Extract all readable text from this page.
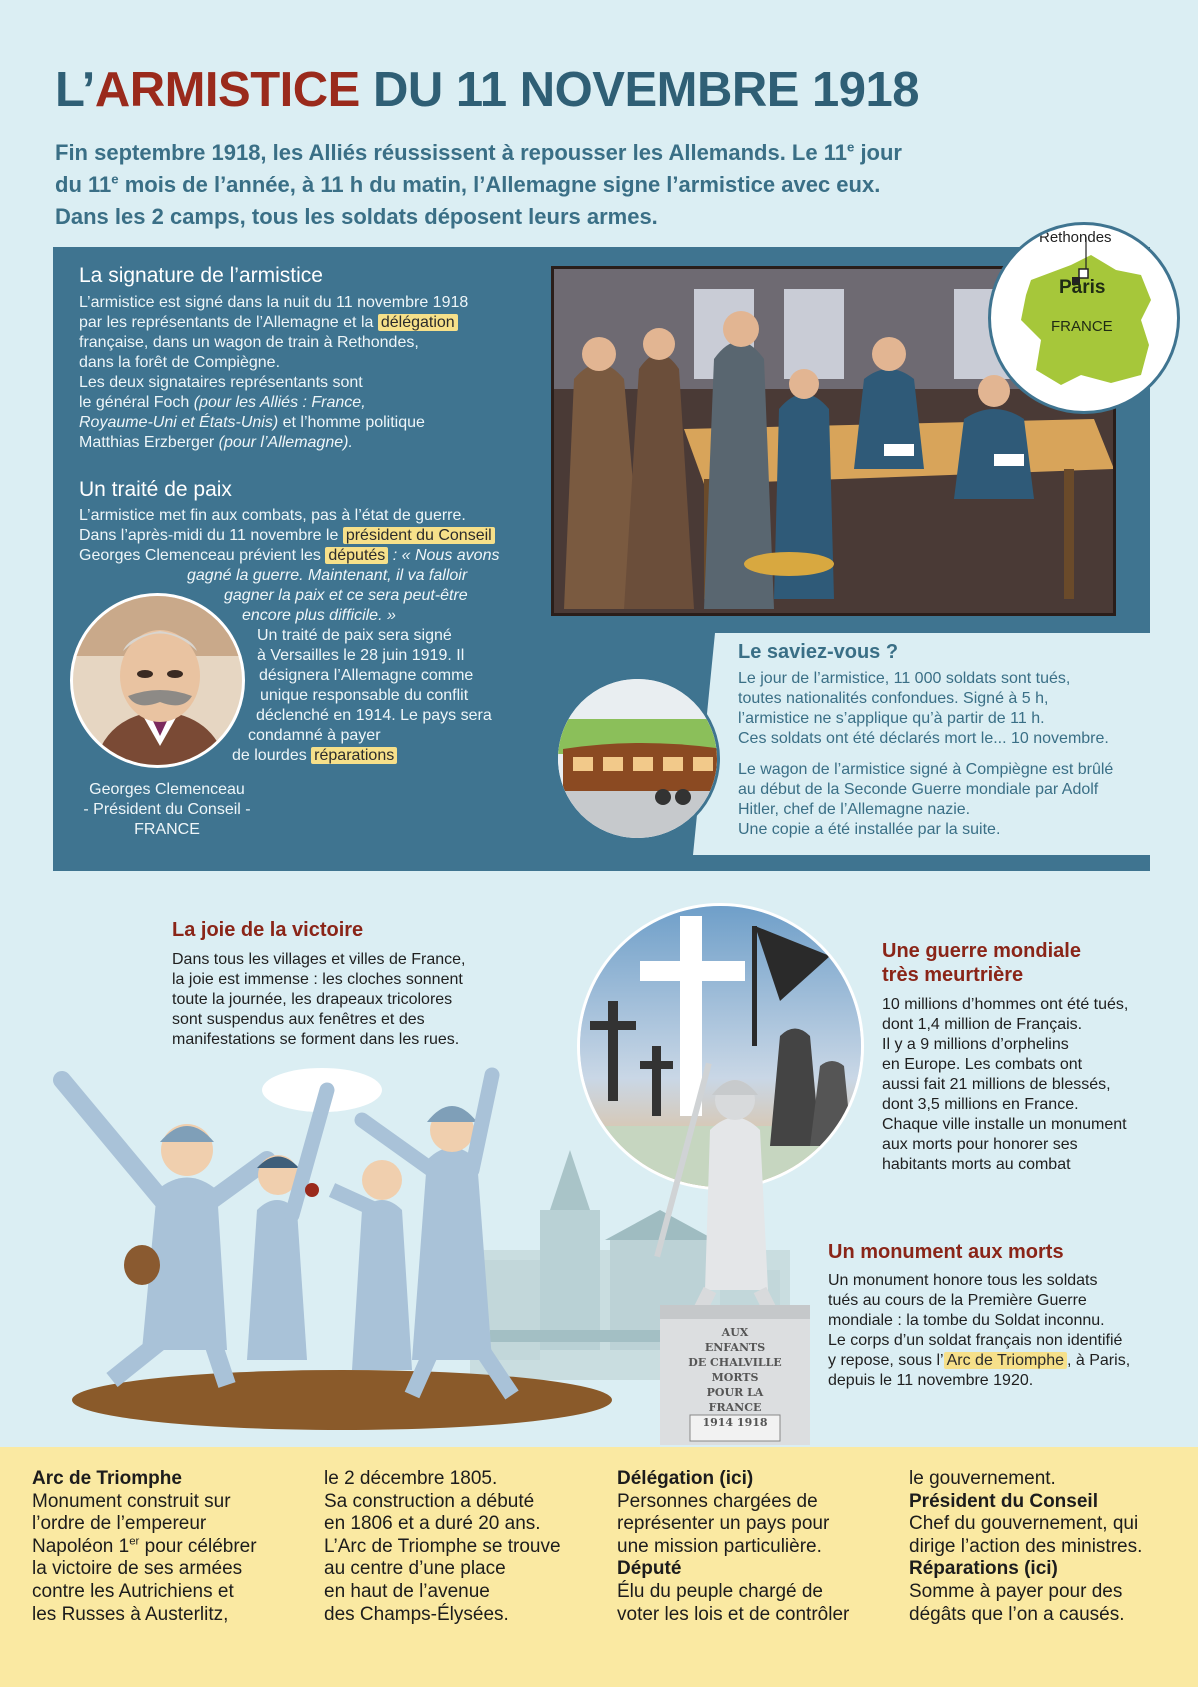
L’ARMISTICE DU 11 NOVEMBRE 1918
Fin septembre 1918, les Alliés réussissent à repousser les Allemands. Le 11e jour
du 11e mois de l’année, à 11 h du matin, l’Allemagne signe l’armistice avec eux.
Dans les 2 camps, tous les soldats déposent leurs armes.
La signature de l’armistice
L’armistice est signé dans la nuit du 11 novembre 1918
par les représentants de l’Allemagne et la délégation
française, dans un wagon de train à Rethondes,
dans la forêt de Compiègne.
Les deux signataires représentants sont
le général Foch (pour les Alliés : France,
Royaume-Uni et États-Unis) et l’homme politique
Matthias Erzberger (pour l’Allemagne).
Un traité de paix
L’armistice met fin aux combats, pas à l’état de guerre.
Dans l’après-midi du 11 novembre le président du Conseil
Georges Clemenceau prévient les députés : « Nous avons
gagné la guerre. Maintenant, il va falloir
gagner la paix et ce sera peut-être
encore plus difficile. »
Un traité de paix sera signé
à Versailles le 28 juin 1919. Il
désignera l’Allemagne comme
unique responsable du conflit
déclenché en 1914. Le pays sera
condamné à payer
de lourdes réparations
Georges Clemenceau
- Président du Conseil -
FRANCE
Rethondes
Paris
FRANCE
Le saviez-vous ?
Le jour de l’armistice, 11 000 soldats sont tués,
toutes nationalités confondues. Signé à 5 h,
l’armistice ne s’applique qu’à partir de 11 h.
Ces soldats ont été déclarés mort le... 10 novembre.
Le wagon de l’armistice signé à Compiègne est brûlé
au début de la Seconde Guerre mondiale par Adolf
Hitler, chef de l’Allemagne nazie.
Une copie a été installée par la suite.
AUX
ENFANTS
DE CHALVILLE
MORTS
POUR LA
FRANCE
1914 1918
La joie de la victoire
Dans tous les villages et villes de France,
la joie est immense : les cloches sonnent
toute la journée, les drapeaux tricolores
sont suspendus aux fenêtres et des
manifestations se forment dans les rues.
Une guerre mondiale
très meurtrière
10 millions d’hommes ont été tués,
dont 1,4 million de Français.
Il y a 9 millions d’orphelins
en Europe. Les combats ont
aussi fait 21 millions de blessés,
dont 3,5 millions en France.
Chaque ville installe un monument
aux morts pour honorer ses
habitants morts au combat
Un monument aux morts
Un monument honore tous les soldats
tués au cours de la Première Guerre
mondiale : la tombe du Soldat inconnu.
Le corps d’un soldat français non identifié
y repose, sous l’ Arc de Triomphe , à Paris,
depuis le 11 novembre 1920.
Arc de Triomphe
Monument construit sur
l’ordre de l’empereur
Napoléon 1er pour célébrer
la victoire de ses armées
contre les Autrichiens et
les Russes à Austerlitz,
le 2 décembre 1805.
Sa construction a débuté
en 1806 et a duré 20 ans.
L’Arc de Triomphe se trouve
au centre d’une place
en haut de l’avenue
des Champs-Élysées.
Délégation (ici)
Personnes chargées de
représenter un pays pour
une mission particulière.
Député
Élu du peuple chargé de
voter les lois et de contrôler
le gouvernement.
Président du Conseil
Chef du gouvernement, qui
dirige l’action des ministres.
Réparations (ici)
Somme à payer pour des
dégâts que l’on a causés.
